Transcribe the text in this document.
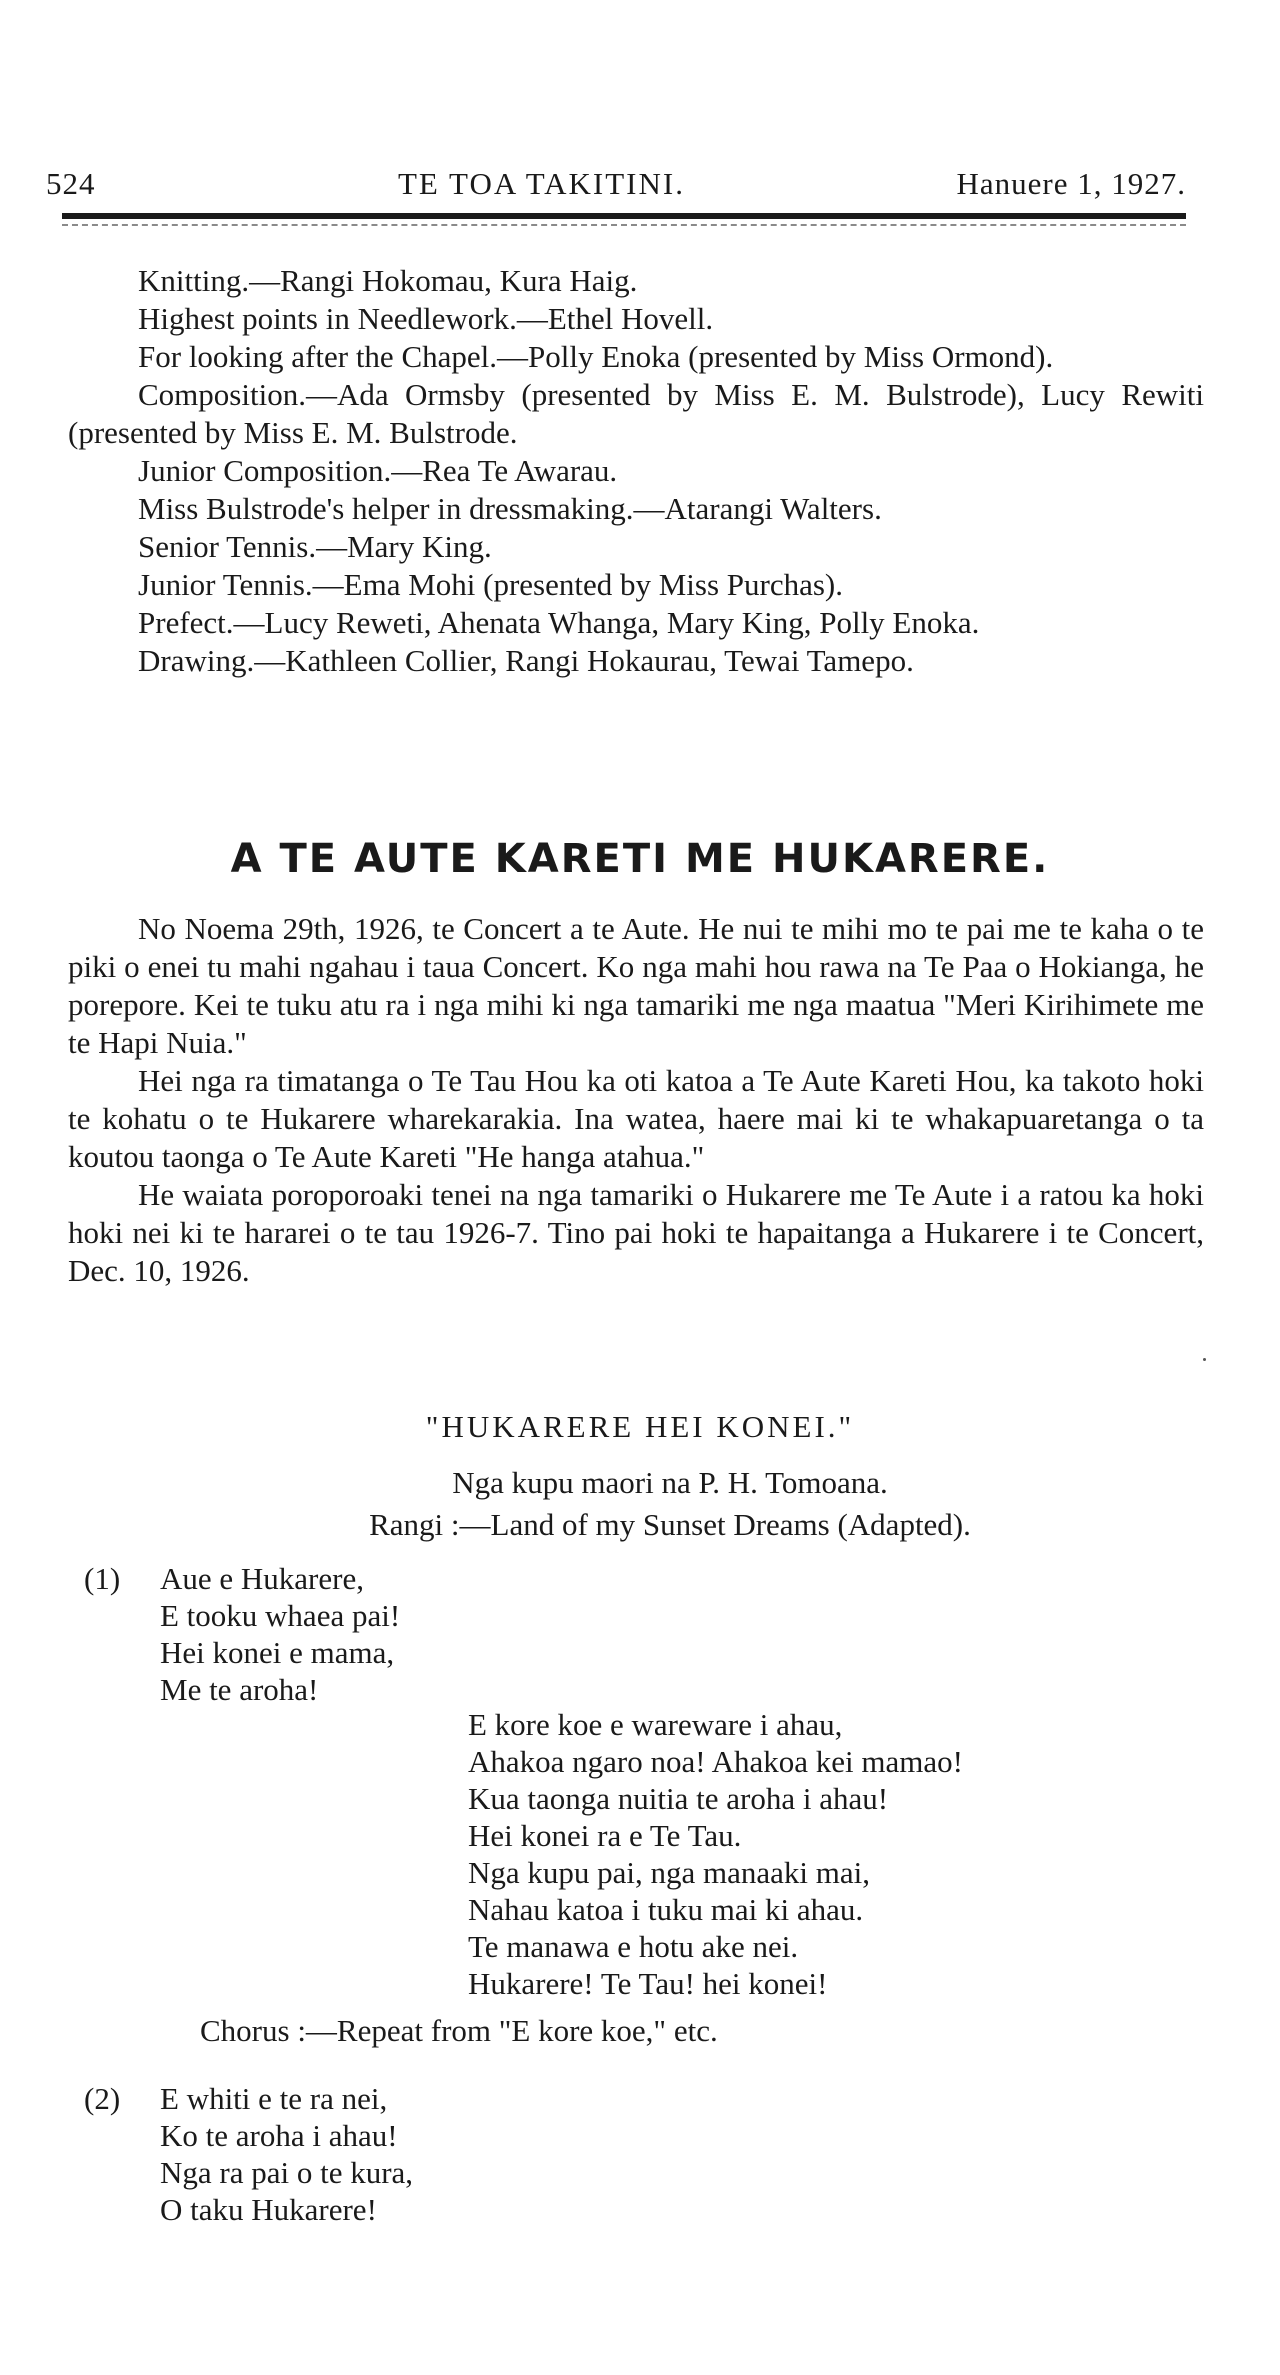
524	TE TOA TAKITINI.	Hanuere 1, 1927.

Knitting.—Rangi Hokomau, Kura Haig.

Highest points in Needlework.—Ethel Hovell.

For looking after the Chapel.—Polly Enoka (presented by Miss Ormond).

Composition.—Ada Ormsby (presented by Miss E. M. Bulstrode), Lucy Rewiti (presented by Miss E. M. Bulstrode.

Junior Composition.—Rea Te Awarau.

Miss Bulstrode's helper in dressmaking.—Atarangi Walters.

Senior Tennis.—Mary King.

Junior Tennis.—Ema Mohi (presented by Miss Purchas).

Prefect.—Lucy Reweti, Ahenata Whanga, Mary King, Polly Enoka.

Drawing.—Kathleen Collier, Rangi Hokaurau, Tewai Tamepo.

A TE AUTE KARETI ME HUKARERE.

No Noema 29th, 1926, te Concert a te Aute. He nui te mihi mo te pai me te kaha o te piki o enei tu mahi ngahau i taua Concert. Ko nga mahi hou rawa na Te Paa o Hokianga, he porepore. Kei te tuku atu ra i nga mihi ki nga tamariki me nga maatua "Meri Kirihimete me te Hapi Nuia."

Hei nga ra timatanga o Te Tau Hou ka oti katoa a Te Aute Kareti Hou, ka takoto hoki te kohatu o te Hukarere wharekarakia. Ina watea, haere mai ki te whakapuaretanga o ta koutou taonga o Te Aute Kareti "He hanga atahua."

He waiata poroporoaki tenei na nga tamariki o Hukarere me Te Aute i a ratou ka hoki hoki nei ki te hararei o te tau 1926-7. Tino pai hoki te hapaitanga a Hukarere i te Concert, Dec. 10, 1926.

"HUKARERE HEI KONEI."
Nga kupu maori na P. H. Tomoana.
Rangi :—Land of my Sunset Dreams (Adapted).
(1) Aue e Hukarere,
E tooku whaea pai!
Hei konei e mama,
Me te aroha!
E kore koe e wareware i ahau,
Ahakoa ngaro noa! Ahakoa kei mamao!
Kua taonga nuitia te aroha i ahau!
Hei konei ra e Te Tau.
Nga kupu pai, nga manaaki mai,
Nahau katoa i tuku mai ki ahau.
Te manawa e hotu ake nei.
Hukarere! Te Tau! hei konei!
Chorus :—Repeat from "E kore koe," etc.
(2) E whiti e te ra nei,
Ko te aroha i ahau!
Nga ra pai o te kura,
O taku Hukarere!
